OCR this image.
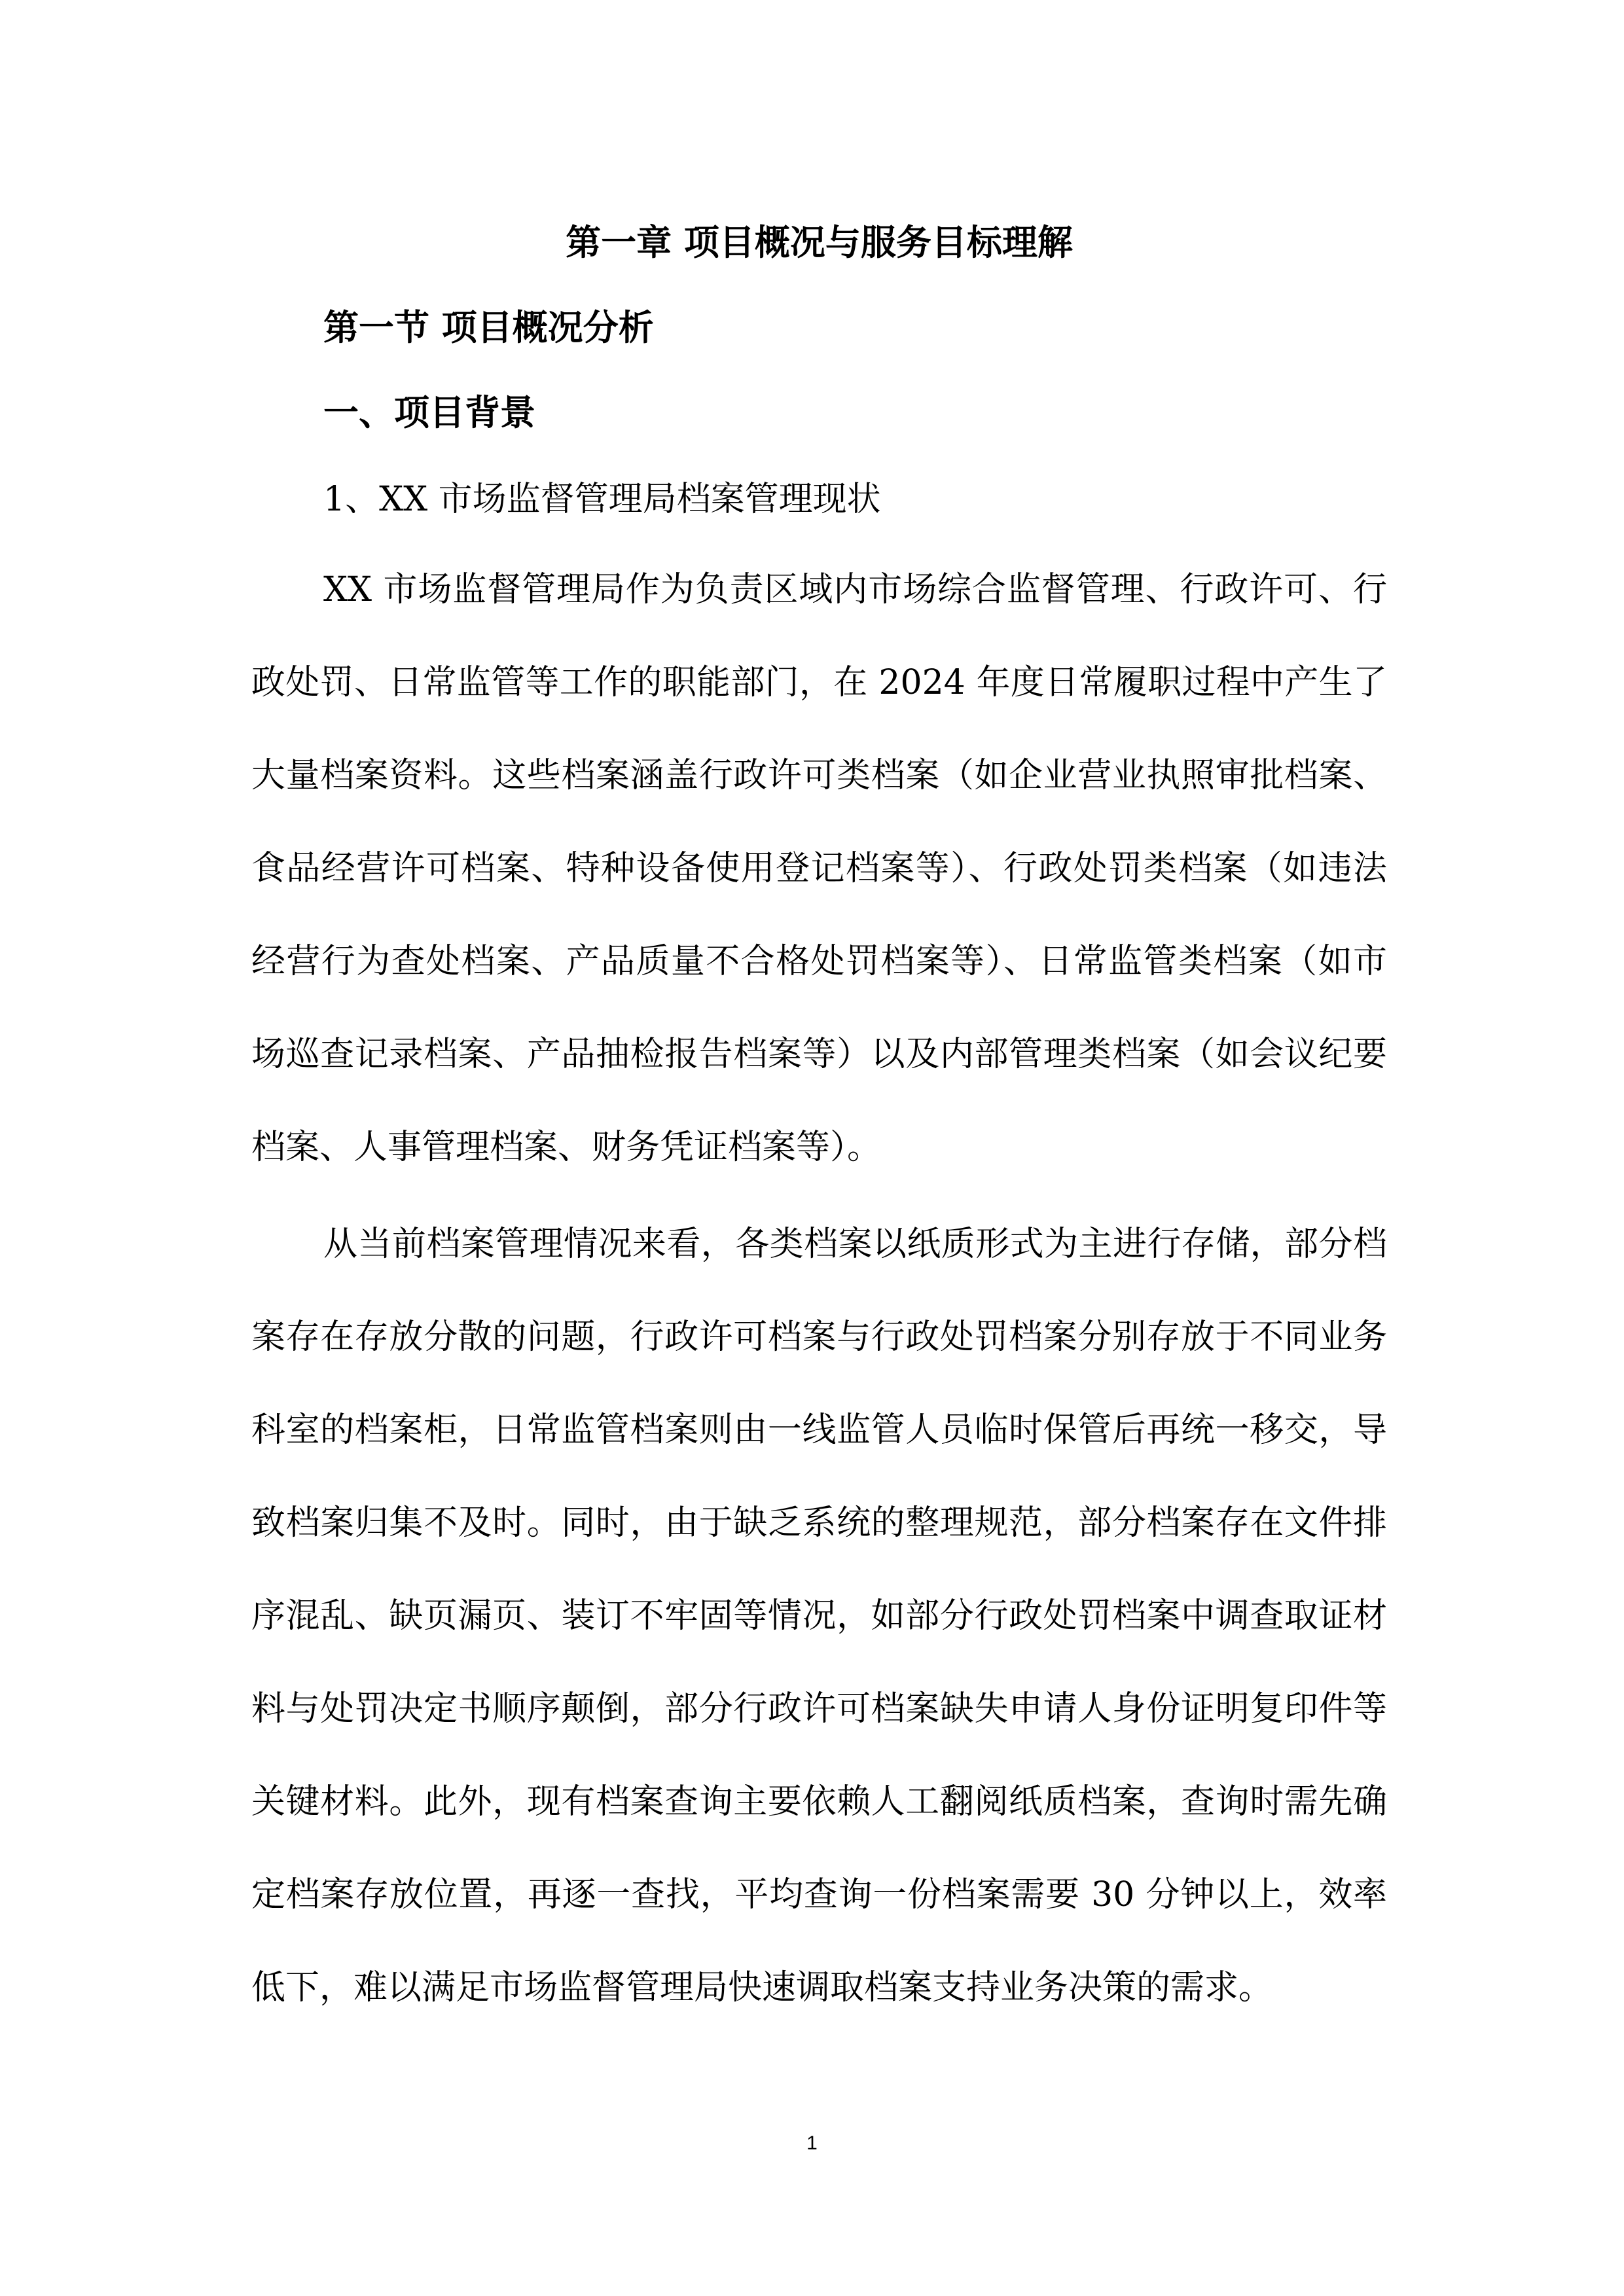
第一章 项目概况与服务目标理解
第一节 项目概况分析
一、项目背景

1、XX 市场监督管理局档案管理现状

XX 市场监督管理局作为负责区域内市场综合监督管理、行政许可、行政处罚、日常监管等工作的职能部门，在 2024 年度日常履职过程中产生了大量档案资料。这些档案涵盖行政许可类档案（如企业营业执照审批档案、食品经营许可档案、特种设备使用登记档案等）、行政处罚类档案（如违法经营行为查处档案、产品质量不合格处罚档案等）、日常监管类档案（如市场巡查记录档案、产品抽检报告档案等）以及内部管理类档案（如会议纪要档案、人事管理档案、财务凭证档案等）。

从当前档案管理情况来看，各类档案以纸质形式为主进行存储，部分档案存在存放分散的问题，行政许可档案与行政处罚档案分别存放于不同业务科室的档案柜，日常监管档案则由一线监管人员临时保管后再统一移交，导致档案归集不及时。同时，由于缺乏系统的整理规范，部分档案存在文件排序混乱、缺页漏页、装订不牢固等情况，如部分行政处罚档案中调查取证材料与处罚决定书顺序颠倒，部分行政许可档案缺失申请人身份证明复印件等关键材料。此外，现有档案查询主要依赖人工翻阅纸质档案，查询时需先确定档案存放位置，再逐一查找，平均查询一份档案需要 30 分钟以上，效率低下，难以满足市场监督管理局快速调取档案支持业务决策的需求。

1
